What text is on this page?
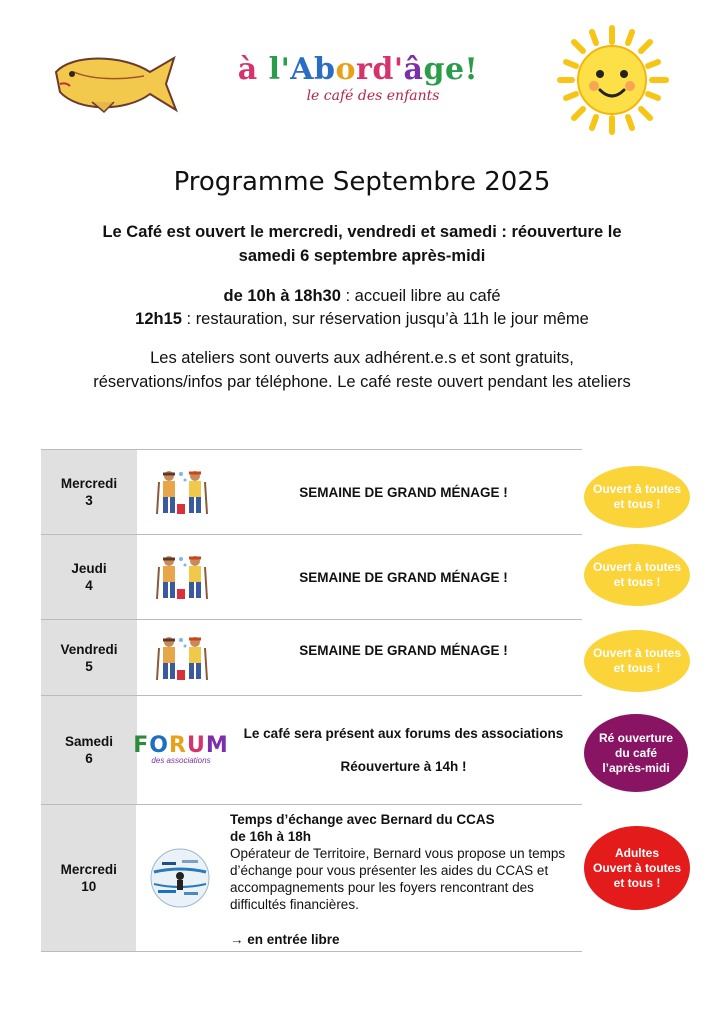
à l'Abord'âge!
le café des enfants
Programme Septembre 2025
Le Café est ouvert le mercredi, vendredi et samedi : réouverture le
samedi 6 septembre après-midi
de 10h à 18h30 : accueil libre au café
12h15 : restauration, sur réservation jusqu’à 11h le jour même
Les ateliers sont ouverts aux adhérent.e.s et sont gratuits,
réservations/infos par téléphone. Le café reste ouvert pendant les ateliers
Mercredi
3
SEMAINE DE GRAND MÉNAGE !
Jeudi
4
SEMAINE DE GRAND MÉNAGE !
Vendredi
5
SEMAINE DE GRAND MÉNAGE !
Samedi
6
FORUM
des associations
Le café sera présent aux forums des associations
Réouverture à 14h !
Mercredi
10
Temps d’échange avec Bernard du CCAS
de 16h à 18h
Opérateur de Territoire, Bernard vous propose un temps d’échange pour vous présenter les aides du CCAS et accompagnements pour les foyers rencontrant des difficultés financières.
→ en entrée libre
Ouvert à toutes
et tous !
Ouvert à toutes
et tous !
Ouvert à toutes
et tous !
Ré ouverture
du café
l’après-midi
Adultes
Ouvert à toutes
et tous !
